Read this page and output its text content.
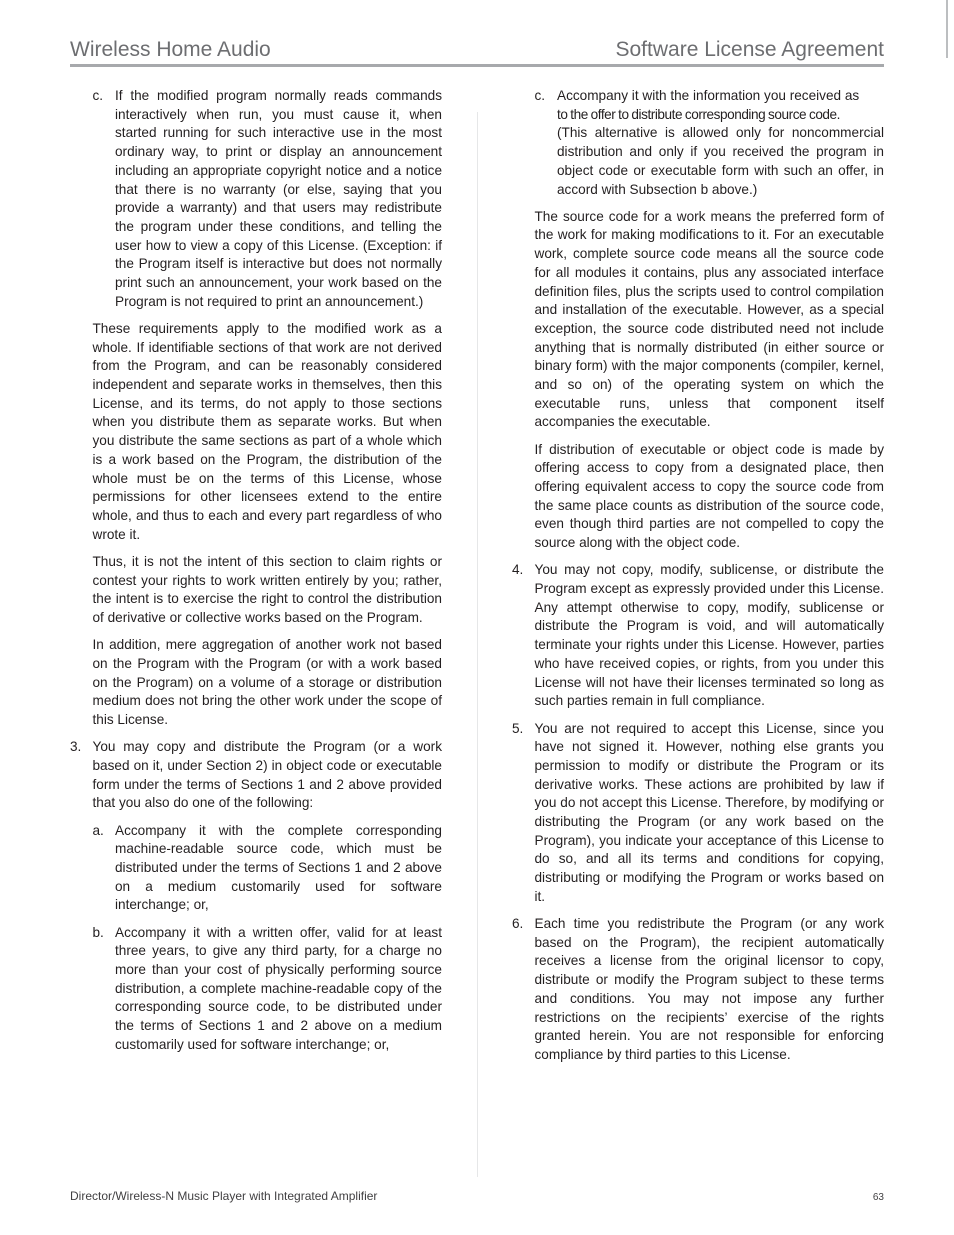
Wireless Home Audio	Software License Agreement
c. If the modified program normally reads commands interactively when run, you must cause it, when started running for such interactive use in the most ordinary way, to print or display an announcement including an appropriate copyright notice and a notice that there is no warranty (or else, saying that you provide a warranty) and that users may redistribute the program under these conditions, and telling the user how to view a copy of this License. (Exception: if the Program itself is interactive but does not normally print such an announcement, your work based on the Program is not required to print an announcement.)

These requirements apply to the modified work as a whole. If identifiable sections of that work are not derived from the Program, and can be reasonably considered independent and separate works in themselves, then this License, and its terms, do not apply to those sections when you distribute them as separate works. But when you distribute the same sections as part of a whole which is a work based on the Program, the distribution of the whole must be on the terms of this License, whose permissions for other licensees extend to the entire whole, and thus to each and every part regardless of who wrote it.

Thus, it is not the intent of this section to claim rights or contest your rights to work written entirely by you; rather, the intent is to exercise the right to control the distribution of derivative or collective works based on the Program.

In addition, mere aggregation of another work not based on the Program with the Program (or with a work based on the Program) on a volume of a storage or distribution medium does not bring the other work under the scope of this License.

3. You may copy and distribute the Program (or a work based on it, under Section 2) in object code or executable form under the terms of Sections 1 and 2 above provided that you also do one of the following:
a. Accompany it with the complete corresponding machine-readable source code, which must be distributed under the terms of Sections 1 and 2 above on a medium customarily used for software interchange; or,
b. Accompany it with a written offer, valid for at least three years, to give any third party, for a charge no more than your cost of physically performing source distribution, a complete machine-readable copy of the corresponding source code, to be distributed under the terms of Sections 1 and 2 above on a medium customarily used for software interchange; or,
c. Accompany it with the information you received as
to the offer to distribute corresponding source code.
(This alternative is allowed only for noncommercial distribution and only if you received the program in object code or executable form with such an offer, in accord with Subsection b above.)

The source code for a work means the preferred form of the work for making modifications to it. For an executable work, complete source code means all the source code for all modules it contains, plus any associated interface definition files, plus the scripts used to control compilation and installation of the executable. However, as a special exception, the source code distributed need not include anything that is normally distributed (in either source or binary form) with the major components (compiler, kernel, and so on) of the operating system on which the executable runs, unless that component itself accompanies the executable.

If distribution of executable or object code is made by offering access to copy from a designated place, then offering equivalent access to copy the source code from the same place counts as distribution of the source code, even though third parties are not compelled to copy the source along with the object code.

4. You may not copy, modify, sublicense, or distribute the Program except as expressly provided under this License. Any attempt otherwise to copy, modify, sublicense or distribute the Program is void, and will automatically terminate your rights under this License. However, parties who have received copies, or rights, from you under this License will not have their licenses terminated so long as such parties remain in full compliance.
5. You are not required to accept this License, since you have not signed it. However, nothing else grants you permission to modify or distribute the Program or its derivative works. These actions are prohibited by law if you do not accept this License. Therefore, by modifying or distributing the Program (or any work based on the Program), you indicate your acceptance of this License to do so, and all its terms and conditions for copying, distributing or modifying the Program or works based on it.
6. Each time you redistribute the Program (or any work based on the Program), the recipient automatically receives a license from the original licensor to copy, distribute or modify the Program subject to these terms and conditions. You may not impose any further restrictions on the recipients’ exercise of the rights granted herein. You are not responsible for enforcing compliance by third parties to this License.
Director/Wireless-N Music Player with Integrated Amplifier	63
